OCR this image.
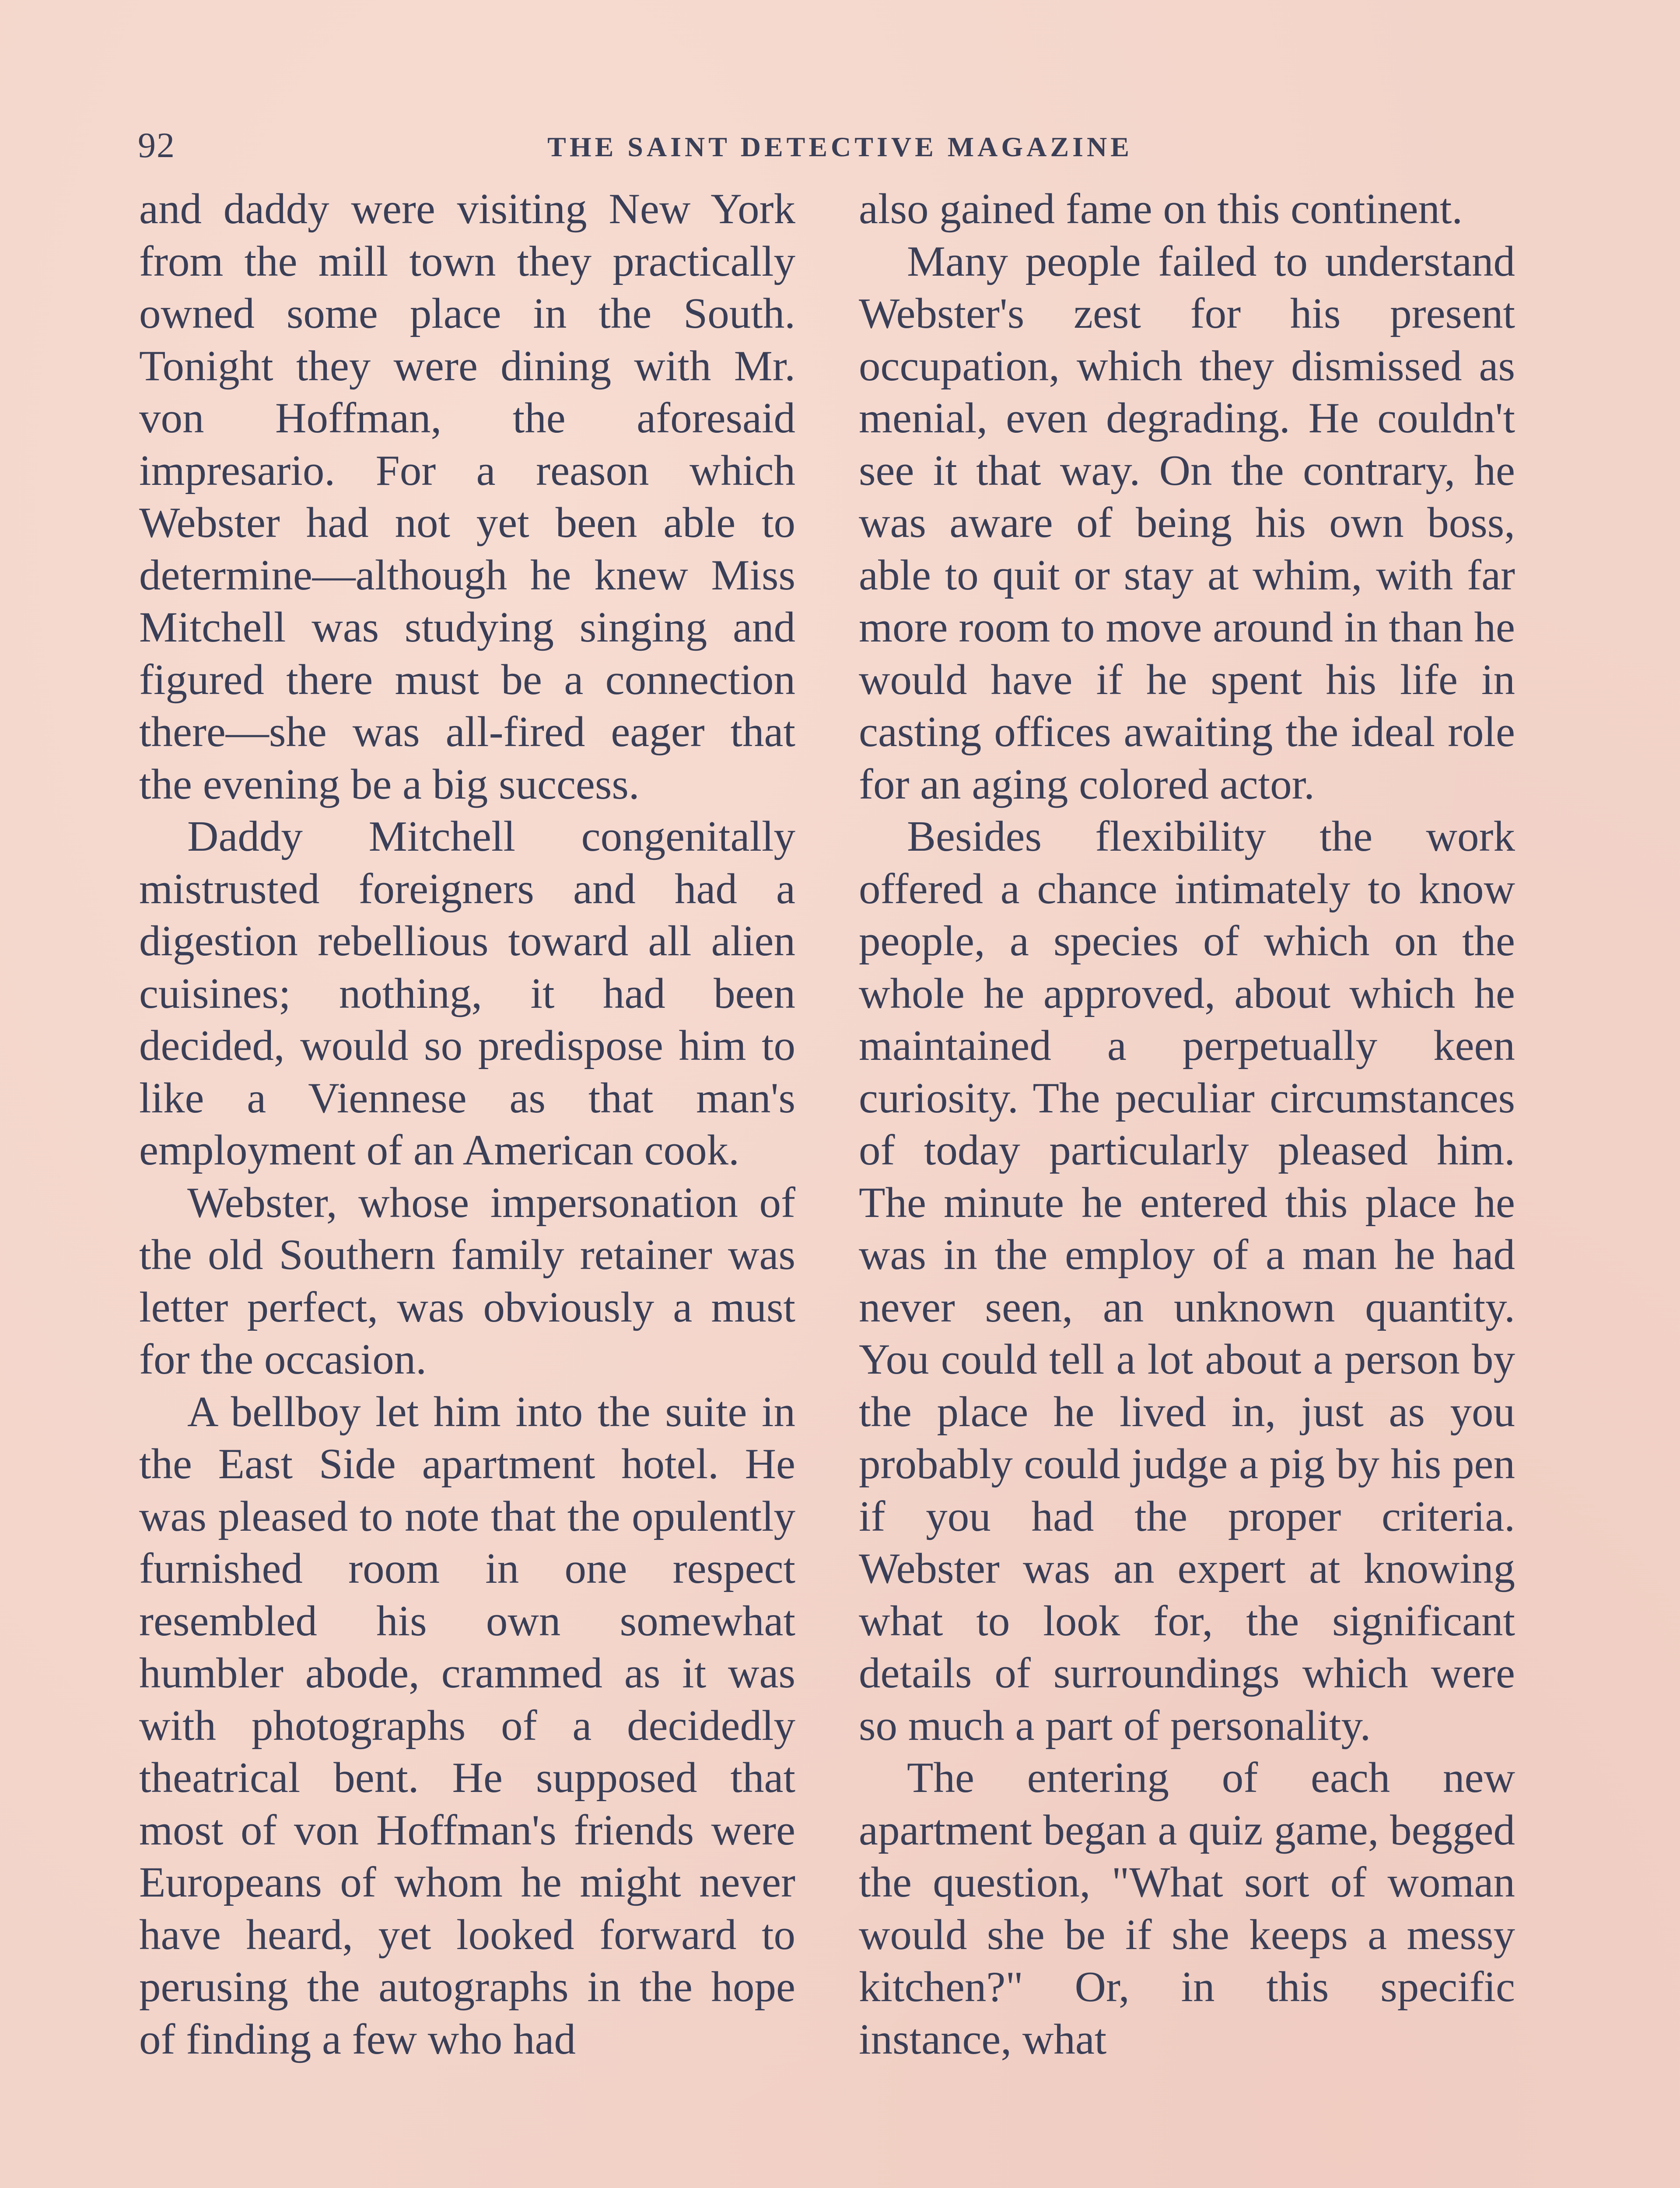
92	THE SAINT DETECTIVE MAGAZINE

and daddy were visiting New York from the mill town they practically owned some place in the South. Tonight they were dining with Mr. von Hoffman, the aforesaid impresario. For a reason which Webster had not yet been able to determine—although he knew Miss Mitchell was studying singing and figured there must be a connection there—she was all-fired eager that the evening be a big success.

Daddy Mitchell congenitally mistrusted foreigners and had a digestion rebellious toward all alien cuisines; nothing, it had been decided, would so predispose him to like a Viennese as that man's employment of an American cook.

Webster, whose impersonation of the old Southern family retainer was letter perfect, was obviously a must for the occasion.

A bellboy let him into the suite in the East Side apartment hotel. He was pleased to note that the opulently furnished room in one respect resembled his own somewhat humbler abode, crammed as it was with photographs of a decidedly theatrical bent. He supposed that most of von Hoffman's friends were Europeans of whom he might never have heard, yet looked forward to perusing the autographs in the hope of finding a few who had

also gained fame on this continent.

Many people failed to understand Webster's zest for his present occupation, which they dismissed as menial, even degrading. He couldn't see it that way. On the contrary, he was aware of being his own boss, able to quit or stay at whim, with far more room to move around in than he would have if he spent his life in casting offices awaiting the ideal role for an aging colored actor.

Besides flexibility the work offered a chance intimately to know people, a species of which on the whole he approved, about which he maintained a perpetually keen curiosity. The peculiar circumstances of today particularly pleased him. The minute he entered this place he was in the employ of a man he had never seen, an unknown quantity. You could tell a lot about a person by the place he lived in, just as you probably could judge a pig by his pen if you had the proper criteria. Webster was an expert at knowing what to look for, the significant details of surroundings which were so much a part of personality.

The entering of each new apartment began a quiz game, begged the question, "What sort of woman would she be if she keeps a messy kitchen?" Or, in this specific instance, what
